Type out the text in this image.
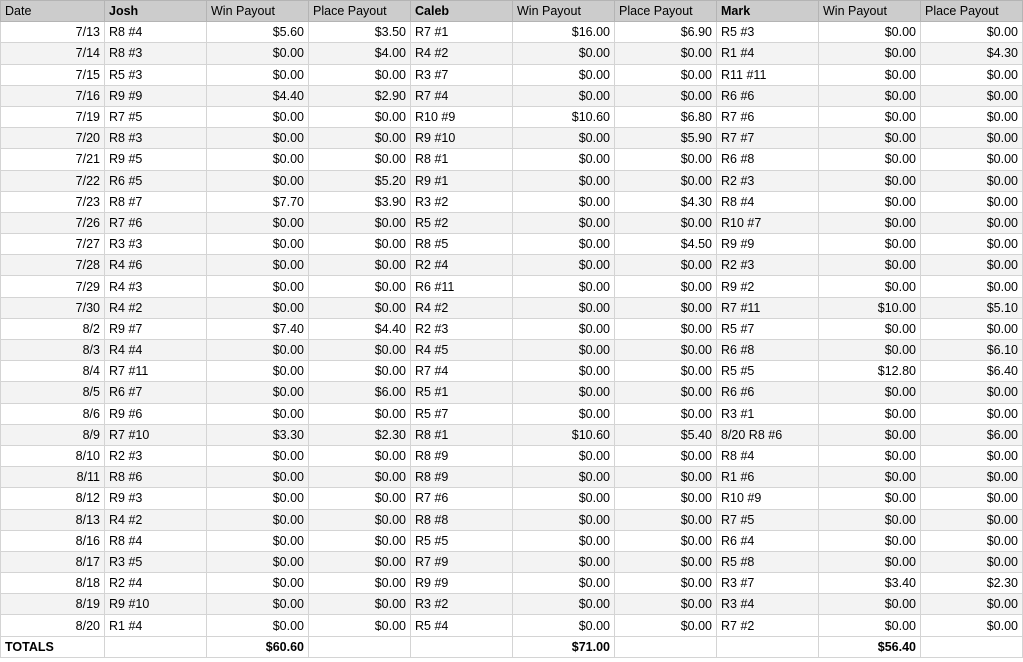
Date	Josh	Win Payout	Place Payout	Caleb	Win Payout	Place Payout	Mark	Win Payout	Place Payout
7/13	R8 #4	$5.60	$3.50	R7 #1	$16.00	$6.90	R5 #3	$0.00	$0.00
7/14	R8 #3	$0.00	$4.00	R4 #2	$0.00	$0.00	R1 #4	$0.00	$4.30
7/15	R5 #3	$0.00	$0.00	R3 #7	$0.00	$0.00	R11 #11	$0.00	$0.00
7/16	R9 #9	$4.40	$2.90	R7 #4	$0.00	$0.00	R6 #6	$0.00	$0.00
7/19	R7 #5	$0.00	$0.00	R10 #9	$10.60	$6.80	R7 #6	$0.00	$0.00
7/20	R8 #3	$0.00	$0.00	R9 #10	$0.00	$5.90	R7 #7	$0.00	$0.00
7/21	R9 #5	$0.00	$0.00	R8 #1	$0.00	$0.00	R6 #8	$0.00	$0.00
7/22	R6 #5	$0.00	$5.20	R9 #1	$0.00	$0.00	R2 #3	$0.00	$0.00
7/23	R8 #7	$7.70	$3.90	R3 #2	$0.00	$4.30	R8 #4	$0.00	$0.00
7/26	R7 #6	$0.00	$0.00	R5 #2	$0.00	$0.00	R10 #7	$0.00	$0.00
7/27	R3 #3	$0.00	$0.00	R8 #5	$0.00	$4.50	R9 #9	$0.00	$0.00
7/28	R4 #6	$0.00	$0.00	R2 #4	$0.00	$0.00	R2 #3	$0.00	$0.00
7/29	R4 #3	$0.00	$0.00	R6 #11	$0.00	$0.00	R9 #2	$0.00	$0.00
7/30	R4 #2	$0.00	$0.00	R4 #2	$0.00	$0.00	R7 #11	$10.00	$5.10
8/2	R9 #7	$7.40	$4.40	R2 #3	$0.00	$0.00	R5 #7	$0.00	$0.00
8/3	R4 #4	$0.00	$0.00	R4 #5	$0.00	$0.00	R6 #8	$0.00	$6.10
8/4	R7 #11	$0.00	$0.00	R7 #4	$0.00	$0.00	R5 #5	$12.80	$6.40
8/5	R6 #7	$0.00	$6.00	R5 #1	$0.00	$0.00	R6 #6	$0.00	$0.00
8/6	R9 #6	$0.00	$0.00	R5 #7	$0.00	$0.00	R3 #1	$0.00	$0.00
8/9	R7 #10	$3.30	$2.30	R8 #1	$10.60	$5.40	8/20 R8 #6	$0.00	$6.00
8/10	R2 #3	$0.00	$0.00	R8 #9	$0.00	$0.00	R8 #4	$0.00	$0.00
8/11	R8 #6	$0.00	$0.00	R8 #9	$0.00	$0.00	R1 #6	$0.00	$0.00
8/12	R9 #3	$0.00	$0.00	R7 #6	$0.00	$0.00	R10 #9	$0.00	$0.00
8/13	R4 #2	$0.00	$0.00	R8 #8	$0.00	$0.00	R7 #5	$0.00	$0.00
8/16	R8 #4	$0.00	$0.00	R5 #5	$0.00	$0.00	R6 #4	$0.00	$0.00
8/17	R3 #5	$0.00	$0.00	R7 #9	$0.00	$0.00	R5 #8	$0.00	$0.00
8/18	R2 #4	$0.00	$0.00	R9 #9	$0.00	$0.00	R3 #7	$3.40	$2.30
8/19	R9 #10	$0.00	$0.00	R3 #2	$0.00	$0.00	R3 #4	$0.00	$0.00
8/20	R1 #4	$0.00	$0.00	R5 #4	$0.00	$0.00	R7 #2	$0.00	$0.00
TOTALS		$60.60			$71.00			$56.40	
